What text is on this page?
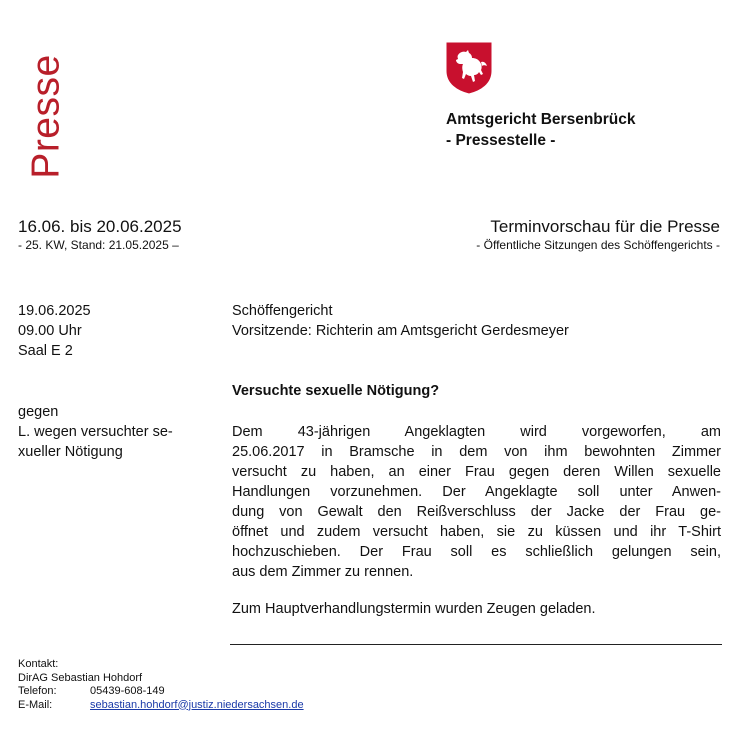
Presse	Amtsgericht Bersenbrück
- Pressestelle -
16.06. bis 20.06.2025
- 25. KW, Stand: 21.05.2025 –
Terminvorschau für die Presse
- Öffentliche Sitzungen des Schöffengerichts -
19.06.2025
09.00 Uhr
Saal E 2
Schöffengericht
Vorsitzende: Richterin am Amtsgericht Gerdesmeyer
Versuchte sexuelle Nötigung?
gegen
L. wegen versuchter se-
xueller Nötigung
Dem 43-jährigen Angeklagten wird vorgeworfen, am
25.06.2017 in Bramsche in dem von ihm bewohnten Zimmer
versucht zu haben, an einer Frau gegen deren Willen sexuelle
Handlungen vorzunehmen. Der Angeklagte soll unter Anwen-
dung von Gewalt den Reißverschluss der Jacke der Frau ge-
öffnet und zudem versucht haben, sie zu küssen und ihr T-Shirt
hochzuschieben. Der Frau soll es schließlich gelungen sein,
aus dem Zimmer zu rennen.
Zum Hauptverhandlungstermin wurden Zeugen geladen.
Kontakt:
DirAG Sebastian Hohdorf
Telefon:	05439-608-149
E-Mail:	sebastian.hohdorf@justiz.niedersachsen.de
